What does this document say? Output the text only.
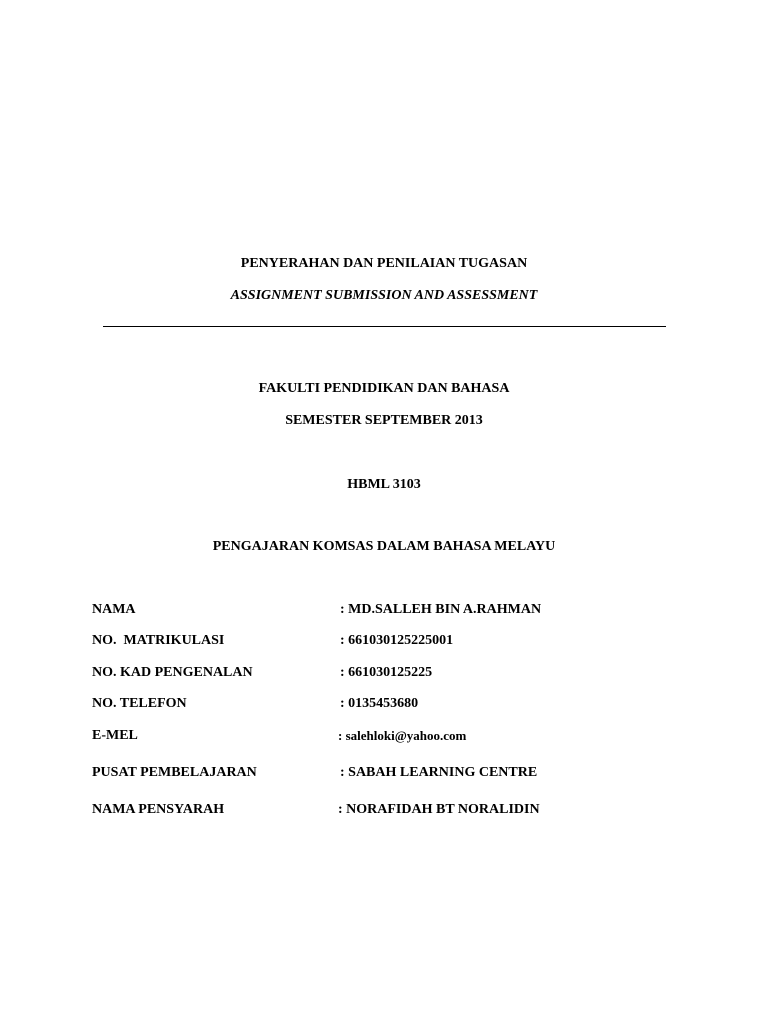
PENYERAHAN DAN PENILAIAN TUGASAN
ASSIGNMENT SUBMISSION AND ASSESSMENT
FAKULTI PENDIDIKAN DAN BAHASA
SEMESTER SEPTEMBER 2013
HBML 3103
PENGAJARAN KOMSAS DALAM BAHASA MELAYU
NAMA	: MD.SALLEH BIN A.RAHMAN
NO.  MATRIKULASI	: 661030125225001
NO. KAD PENGENALAN	: 661030125225
NO. TELEFON	: 0135453680
E-MEL	: salehloki@yahoo.com
PUSAT PEMBELAJARAN	: SABAH LEARNING CENTRE
NAMA PENSYARAH	: NORAFIDAH BT NORALIDIN
